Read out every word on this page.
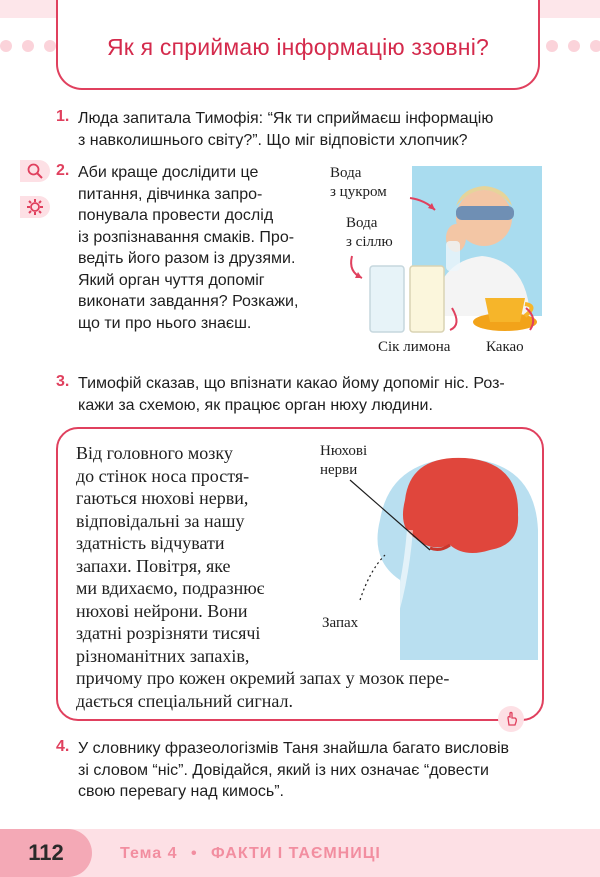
Як я сприймаю інформацію ззовні?
1. Люда запитала Тимофія: “Як ти сприймаєш інформацію
з навколишнього світу?”. Що міг відповісти хлопчик?
2. Аби краще дослідити це
питання, дівчинка запро-
понувала провести дослід
із розпізнавання смаків. Про-
ведіть його разом із друзями.
Який орган чуття допоміг
виконати завдання? Розкажи,
що ти про нього знаєш.
Вода
з цукром
Вода
з сіллю
Сік лимона Какао
3. Тимофій сказав, що впізнати какао йому допоміг ніс. Роз-
кажи за схемою, як працює орган нюху людини.
Нюхові
нерви
Запах
Від головного мозку
до стінок носа простя-
гаються нюхові нерви,
відповідальні за нашу
здатність відчувати
запахи. Повітря, яке
ми вдихаємо, подразнює
нюхові нейрони. Вони
здатні розрізняти тисячі
різноманітних запахів,
причому про кожен окремий запах у мозок пере-
дається спеціальний сигнал.
4. У словнику фразеологізмів Таня знайшла багато висловів
зі словом “ніс”. Довідайся, який із них означає “довести
свою перевагу над кимось”.
112	Тема 4 • ФАКТИ І ТАЄМНИЦІ
